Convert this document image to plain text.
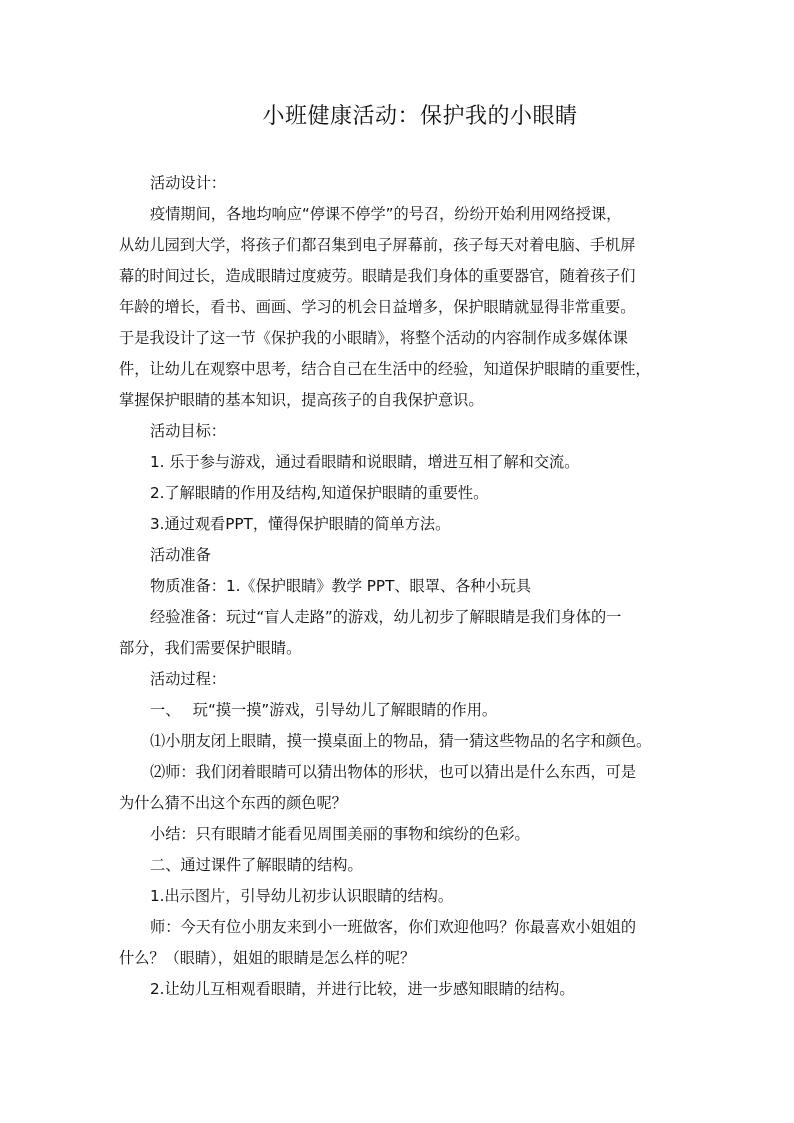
小班健康活动：保护我的小眼睛

活动设计：

疫情期间，各地均响应“停课不停学”的号召，纷纷开始利用网络授课，

从幼儿园到大学，将孩子们都召集到电子屏幕前，孩子每天对着电脑、手机屏

幕的时间过长，造成眼睛过度疲劳。眼睛是我们身体的重要器官，随着孩子们

年龄的增长，看书、画画、学习的机会日益增多，保护眼睛就显得非常重要。

于是我设计了这一节《保护我的小眼睛》，将整个活动的内容制作成多媒体课

件，让幼儿在观察中思考，结合自己在生活中的经验，知道保护眼睛的重要性，

掌握保护眼睛的基本知识，提高孩子的自我保护意识。

活动目标：

1. 乐于参与游戏，通过看眼睛和说眼睛，增进互相了解和交流。

2.了解眼睛的作用及结构,知道保护眼睛的重要性。

3.通过观看PPT，懂得保护眼睛的简单方法。

活动准备

物质准备：1.《保护眼睛》教学 PPT、眼罩、各种小玩具

经验准备：玩过“盲人走路”的游戏，幼儿初步了解眼睛是我们身体的一

部分，我们需要保护眼睛。

活动过程：

一、　 玩“摸一摸”游戏，引导幼儿了解眼睛的作用。

⑴小朋友闭上眼睛，摸一摸桌面上的物品，猜一猜这些物品的名字和颜色。

⑵师：我们闭着眼睛可以猜出物体的形状，也可以猜出是什么东西，可是

为什么猜不出这个东西的颜色呢？

小结：只有眼睛才能看见周围美丽的事物和缤纷的色彩。

二、通过课件了解眼睛的结构。

1.出示图片，引导幼儿初步认识眼睛的结构。

师：今天有位小朋友来到小一班做客，你们欢迎他吗？你最喜欢小姐姐的

什么？（眼睛），姐姐的眼睛是怎么样的呢？

2.让幼儿互相观看眼睛，并进行比较，进一步感知眼睛的结构。
